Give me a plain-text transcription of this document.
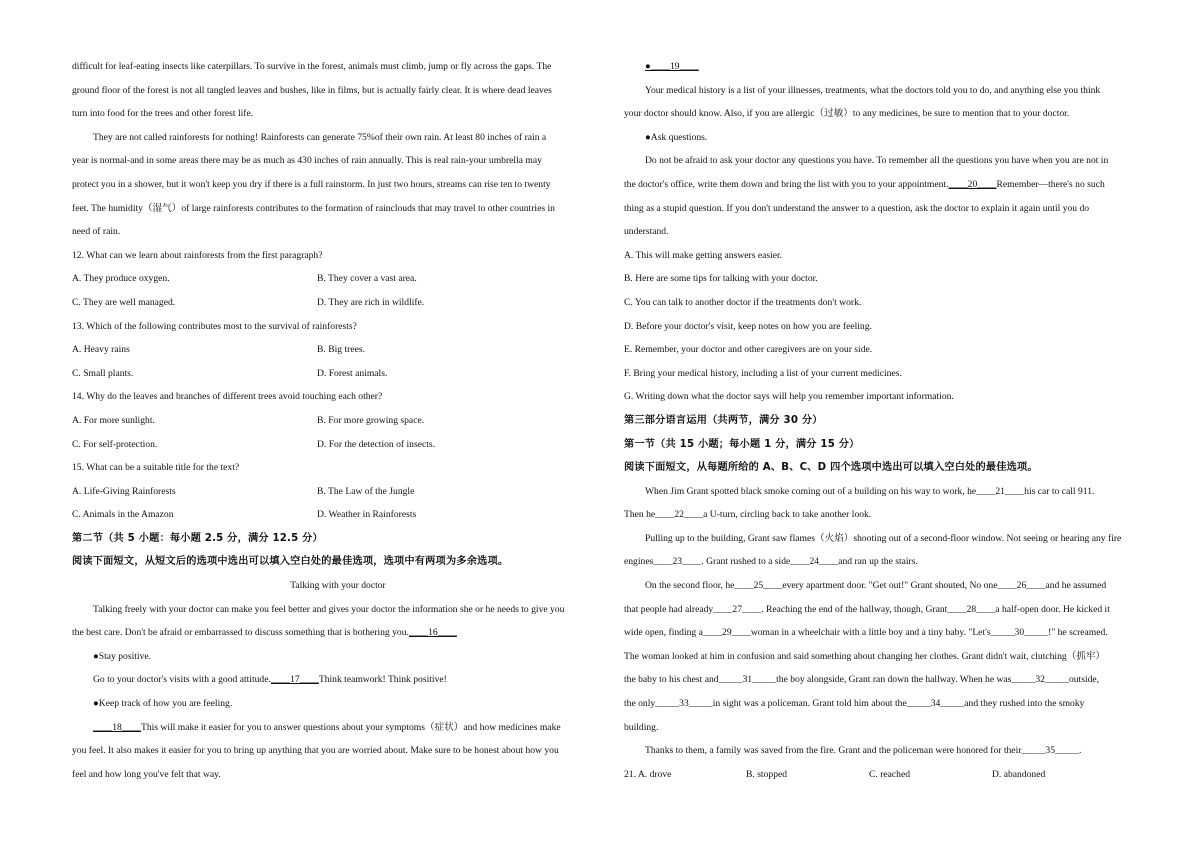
difficult for leaf-eating insects like caterpillars. To survive in the forest, animals must climb, jump or fly across the gaps. The
ground floor of the forest is not all tangled leaves and bushes, like in films, but is actually fairly clear. It is where dead leaves
turn into food for the trees and other forest life.
They are not called rainforests for nothing! Rainforests can generate 75%of their own rain. At least 80 inches of rain a
year is normal-and in some areas there may be as much as 430 inches of rain annually. This is real rain-your umbrella may
protect you in a shower, but it won't keep you dry if there is a full rainstorm. In just two hours, streams can rise ten to twenty
feet. The humidity（湿气）of large rainforests contributes to the formation of rainclouds that may travel to other countries in
need of rain.
12. What can we learn about rainforests from the first paragraph?
A. They produce oxygen.	B. They cover a vast area.
C. They are well managed.	D. They are rich in wildlife.
13. Which of the following contributes most to the survival of rainforests?
A. Heavy rains	B. Big trees.
C. Small plants.	D. Forest animals.
14. Why do the leaves and branches of different trees avoid touching each other?
A. For more sunlight.	B. For more growing space.
C. For self-protection.	D. For the detection of insects.
15. What can be a suitable title for the text?
A. Life-Giving Rainforests	B. The Law of the Jungle
C. Animals in the Amazon	D. Weather in Rainforests
第二节（共 5 小题：每小题 2.5 分，满分 12.5 分）
阅读下面短文，从短文后的选项中选出可以填入空白处的最佳选项，选项中有两项为多余选项。
Talking with your doctor
Talking freely with your doctor can make you feel better and gives your doctor the information she or he needs to give you
the best care. Don't be afraid or embarrassed to discuss something that is bothering you.____16____
●Stay positive.
Go to your doctor's visits with a good attitude.____17____Think teamwork! Think positive!
●Keep track of how you are feeling.
____18____This will make it easier for you to answer questions about your symptoms（症状）and how medicines make
you feel. It also makes it easier for you to bring up anything that you are worried about. Make sure to be honest about how you
feel and how long you've felt that way.
●____19____
Your medical history is a list of your illnesses, treatments, what the doctors told you to do, and anything else you think
your doctor should know. Also, if you are allergic（过敏）to any medicines, be sure to mention that to your doctor.
●Ask questions.
Do not be afraid to ask your doctor any questions you have. To remember all the questions you have when you are not in
the doctor's office, write them down and bring the list with you to your appointment.____20____Remember—there's no such
thing as a stupid question. If you don't understand the answer to a question, ask the doctor to explain it again until you do
understand.
A. This will make getting answers easier.
B. Here are some tips for talking with your doctor.
C. You can talk to another doctor if the treatments don't work.
D. Before your doctor's visit, keep notes on how you are feeling.
E. Remember, your doctor and other caregivers are on your side.
F. Bring your medical history, including a list of your current medicines.
G. Writing down what the doctor says will help you remember important information.
第三部分语言运用（共两节，满分 30 分）
第一节（共 15 小题；每小题 1 分，满分 15 分）
阅读下面短文，从每题所给的 A、B、C、D 四个选项中选出可以填入空白处的最佳选项。
When Jim Grant spotted black smoke coming out of a building on his way to work, he____21____his car to call 911.
Then he____22____a U-turn, circling back to take another look.
Pulling up to the building, Grant saw flames（火焰）shooting out of a second-floor window. Not seeing or hearing any fire
engines____23____. Grant rushed to a side____24____and ran up the stairs.
On the second floor, he____25____every apartment door. "Get out!" Grant shouted, No one____26____and he assumed
that people had already____27____. Reaching the end of the hallway, though, Grant____28____a half-open door. He kicked it
wide open, finding a____29____woman in a wheelchair with a little boy and a tiny baby. "Let's_____30_____!" he screamed.
The woman looked at him in confusion and said something about changing her clothes. Grant didn't wait, clutching（抓牢）
the baby to his chest and_____31_____the boy alongside, Grant ran down the hallway. When he was_____32_____outside,
the only_____33_____in sight was a policeman. Grant told him about the_____34_____and they rushed into the smoky
building.
Thanks to them, a family was saved from the fire. Grant and the policeman were honored for their_____35_____.
21. A. drove	B. stopped	C. reached	D. abandoned
